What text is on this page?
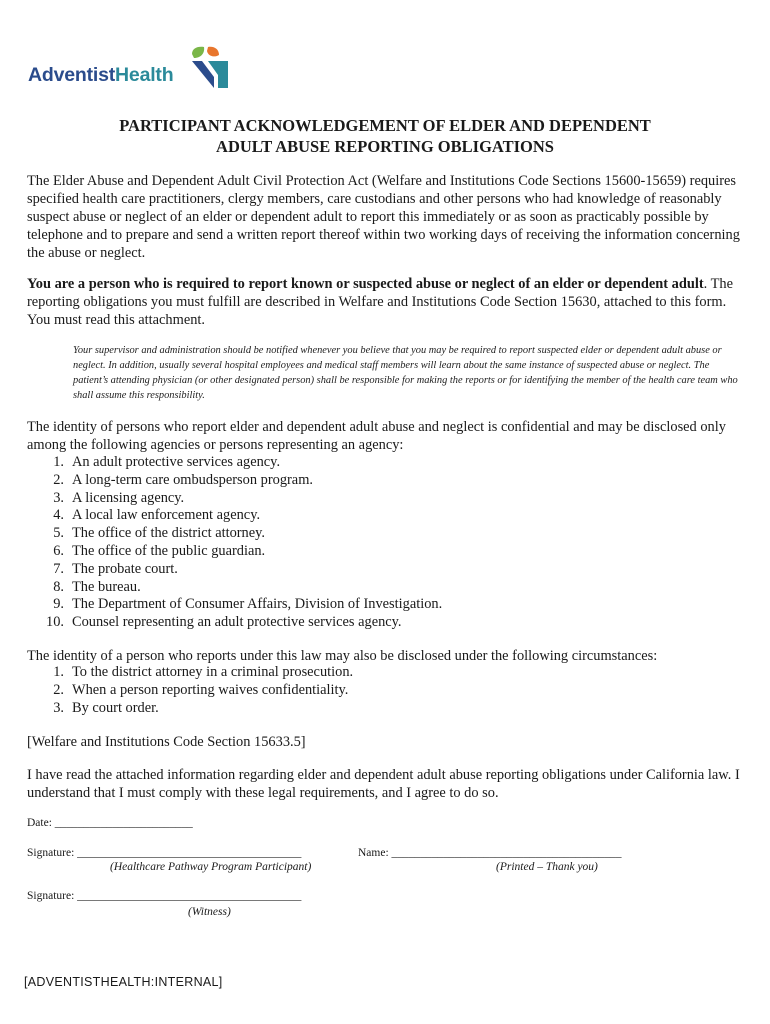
AdventistHealth
PARTICIPANT ACKNOWLEDGEMENT OF ELDER AND DEPENDENT
ADULT ABUSE REPORTING OBLIGATIONS

The Elder Abuse and Dependent Adult Civil Protection Act (Welfare and Institutions Code Sections 15600-15659) requires specified health care practitioners, clergy members, care custodians and other persons who had knowledge of reasonably suspect abuse or neglect of an elder or dependent adult to report this immediately or as soon as practicably possible by telephone and to prepare and send a written report thereof within two working days of receiving the information concerning the abuse or neglect.

You are a person who is required to report known or suspected abuse or neglect of an elder or dependent adult. The reporting obligations you must fulfill are described in Welfare and Institutions Code Section 15630, attached to this form. You must read this attachment.

Your supervisor and administration should be notified whenever you believe that you may be required to report suspected elder or dependent adult abuse or neglect. In addition, usually several hospital employees and medical staff members will learn about the same instance of suspected abuse or neglect. The patient’s attending physician (or other designated person) shall be responsible for making the reports or for identifying the member of the health care team who shall assume this responsibility.

The identity of persons who report elder and dependent adult abuse and neglect is confidential and may be disclosed only among the following agencies or persons representing an agency:

1. An adult protective services agency.
2. A long-term care ombudsperson program.
3. A licensing agency.
4. A local law enforcement agency.
5. The office of the district attorney.
6. The office of the public guardian.
7. The probate court.
8. The bureau.
9. The Department of Consumer Affairs, Division of Investigation.
10. Counsel representing an adult protective services agency.

The identity of a person who reports under this law may also be disclosed under the following circumstances:

1. To the district attorney in a criminal prosecution.
2. When a person reporting waives confidentiality.
3. By court order.

[Welfare and Institutions Code Section 15633.5]

I have read the attached information regarding elder and dependent adult abuse reporting obligations under California law. I understand that I must comply with these legal requirements, and I agree to do so.

Date: ________________________
Signature: _______________________________________
(Healthcare Pathway Program Participant)
Name: ________________________________________
(Printed – Thank you)
Signature: _______________________________________
(Witness)
[ADVENTISTHEALTH:INTERNAL]
